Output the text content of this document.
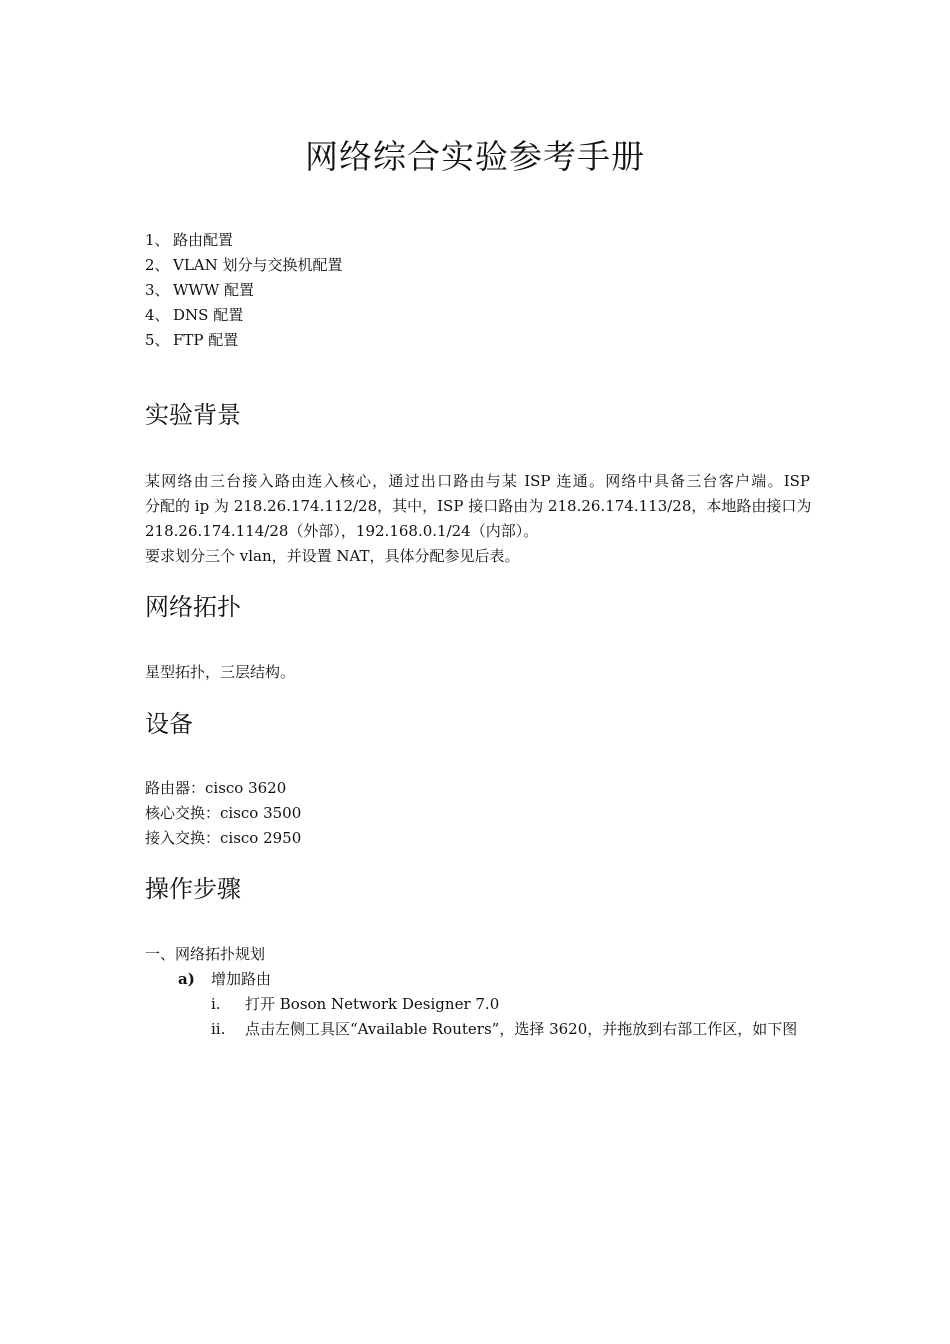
网络综合实验参考手册
1、 路由配置
2、 VLAN 划分与交换机配置
3、 WWW 配置
4、 DNS 配置
5、 FTP 配置
实验背景
某网络由三台接入路由连入核心，通过出口路由与某 ISP 连通。网络中具备三台客户端。ISP
分配的 ip 为 218.26.174.112/28，其中，ISP 接口路由为 218.26.174.113/28，本地路由接口为
218.26.174.114/28（外部），192.168.0.1/24（内部）。
要求划分三个 vlan，并设置 NAT，具体分配参见后表。
网络拓扑
星型拓扑，三层结构。
设备
路由器：cisco 3620
核心交换：cisco 3500
接入交换：cisco 2950
操作步骤
一、网络拓扑规划
a) 增加路由
i.	打开 Boson Network Designer 7.0
ii.	点击左侧工具区“Available Routers”，选择 3620，并拖放到右部工作区，如下图
